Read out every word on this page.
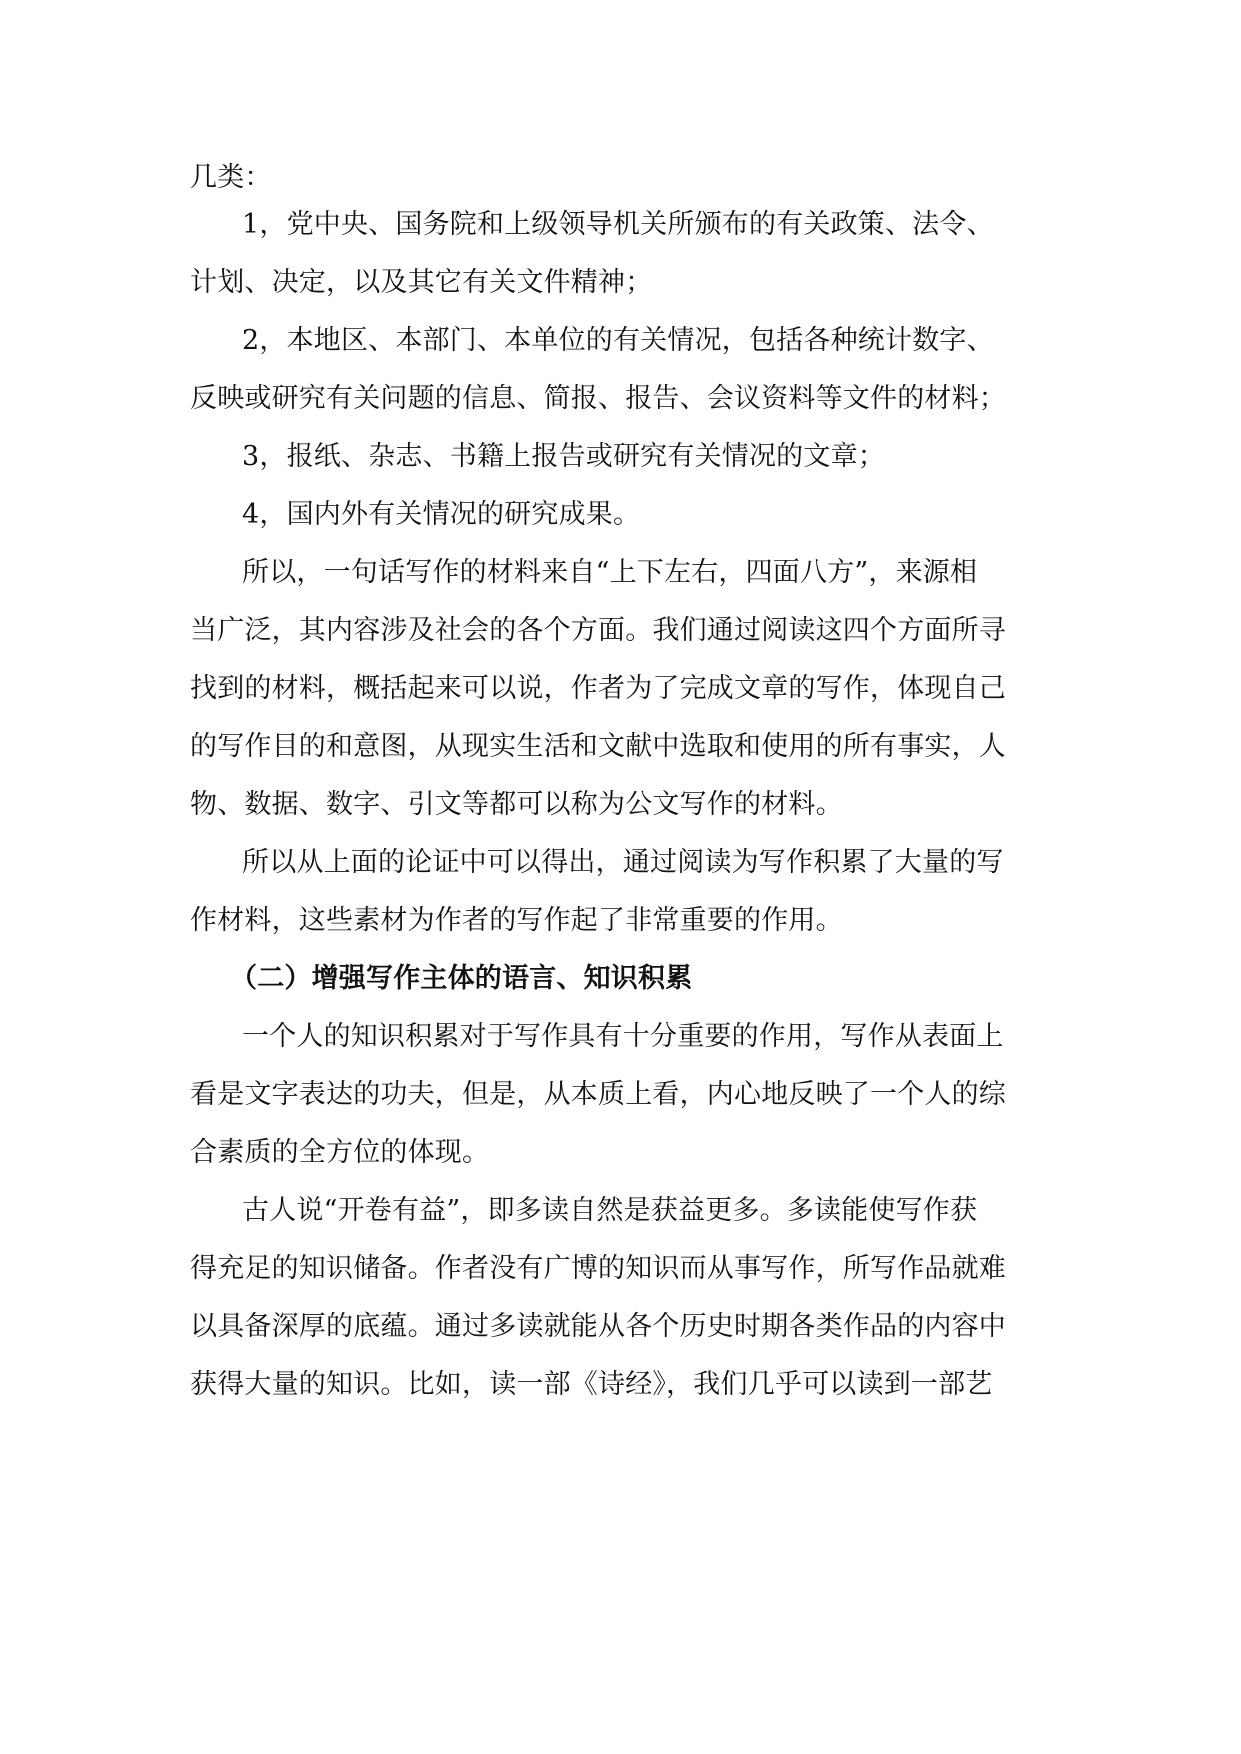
几类：
1，党中央、国务院和上级领导机关所颁布的有关政策、法令、
计划、决定，以及其它有关文件精神；
2，本地区、本部门、本单位的有关情况，包括各种统计数字、
反映或研究有关问题的信息、简报、报告、会议资料等文件的材料；
3，报纸、杂志、书籍上报告或研究有关情况的文章；
4，国内外有关情况的研究成果。
所以，一句话写作的材料来自“上下左右，四面八方”，来源相
当广泛，其内容涉及社会的各个方面。我们通过阅读这四个方面所寻
找到的材料，概括起来可以说，作者为了完成文章的写作，体现自己
的写作目的和意图，从现实生活和文献中选取和使用的所有事实，人
物、数据、数字、引文等都可以称为公文写作的材料。
所以从上面的论证中可以得出，通过阅读为写作积累了大量的写
作材料，这些素材为作者的写作起了非常重要的作用。
（二）增强写作主体的语言、知识积累
一个人的知识积累对于写作具有十分重要的作用，写作从表面上
看是文字表达的功夫，但是，从本质上看，内心地反映了一个人的综
合素质的全方位的体现。
古人说“开卷有益”，即多读自然是获益更多。多读能使写作获
得充足的知识储备。作者没有广博的知识而从事写作，所写作品就难
以具备深厚的底蕴。通过多读就能从各个历史时期各类作品的内容中
获得大量的知识。比如，读一部《诗经》，我们几乎可以读到一部艺
